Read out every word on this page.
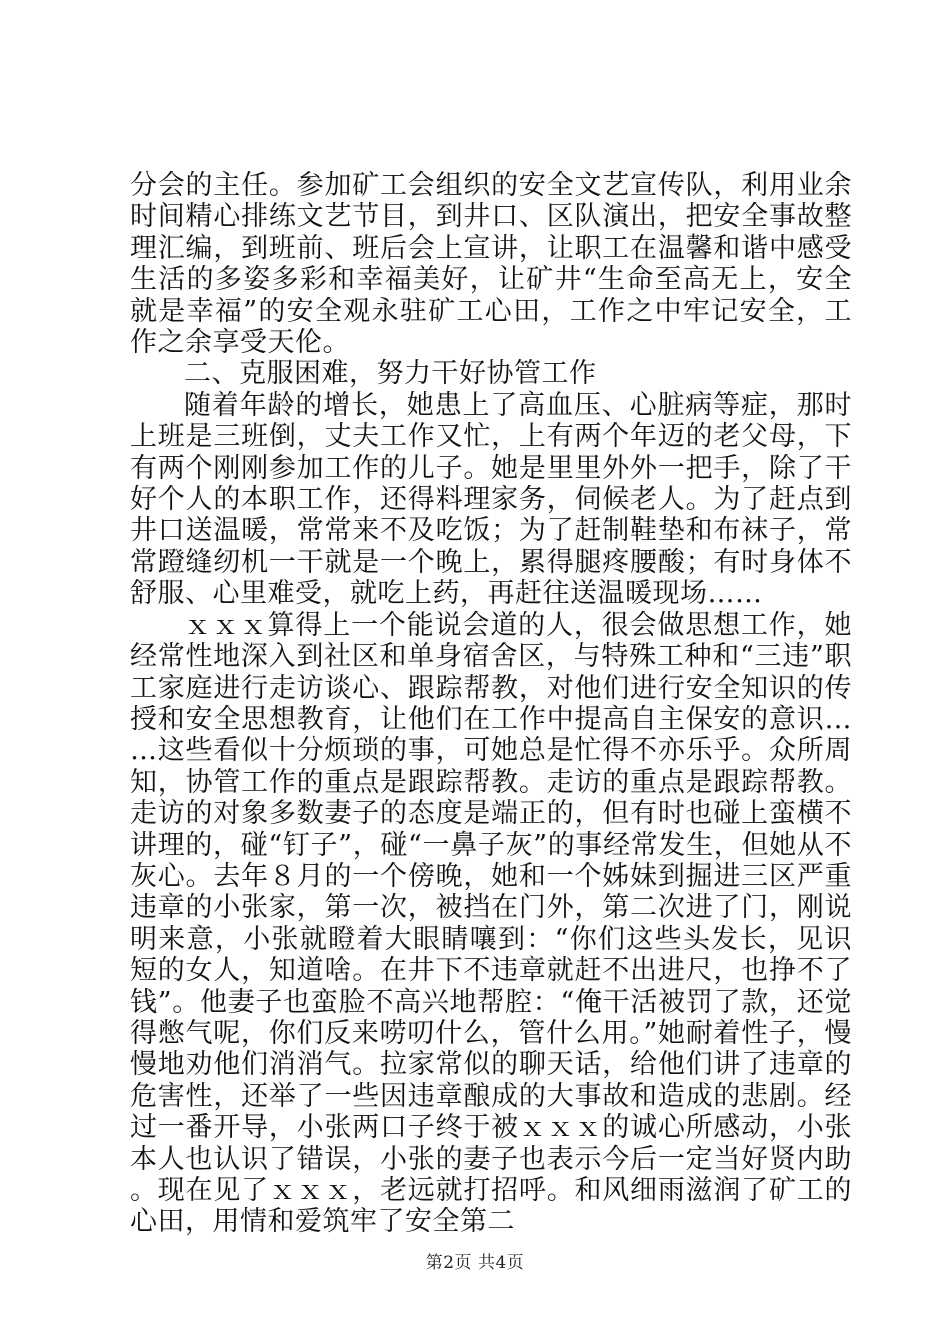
分会的主任。参加矿工会组织的安全文艺宣传队，利用业余时间精心排练文艺节目，到井口、区队演出，把安全事故整理汇编，到班前、班后会上宣讲，让职工在温馨和谐中感受生活的多姿多彩和幸福美好，让矿井“生命至高无上，安全就是幸福”的安全观永驻矿工心田，工作之中牢记安全，工作之余享受天伦。

二、克服困难，努力干好协管工作

随着年龄的增长，她患上了高血压、心脏病等症，那时上班是三班倒，丈夫工作又忙，上有两个年迈的老父母，下有两个刚刚参加工作的儿子。她是里里外外一把手，除了干好个人的本职工作，还得料理家务，伺候老人。为了赶点到井口送温暖，常常来不及吃饭；为了赶制鞋垫和布袜子，常常蹬缝纫机一干就是一个晚上，累得腿疼腰酸；有时身体不舒服、心里难受，就吃上药，再赶往送温暖现场……

ｘｘｘ算得上一个能说会道的人，很会做思想工作，她经常性地深入到社区和单身宿舍区，与特殊工种和“三违”职工家庭进行走访谈心、跟踪帮教，对他们进行安全知识的传授和安全思想教育，让他们在工作中提高自主保安的意识……这些看似十分烦琐的事，可她总是忙得不亦乐乎。众所周知，协管工作的重点是跟踪帮教。走访的重点是跟踪帮教。走访的对象多数妻子的态度是端正的，但有时也碰上蛮横不讲理的，碰“钉子”，碰“一鼻子灰”的事经常发生，但她从不灰心。去年８月的一个傍晚，她和一个姊妹到掘进三区严重违章的小张家，第一次，被挡在门外，第二次进了门，刚说明来意，小张就瞪着大眼睛嚷到：“你们这些头发长，见识短的女人，知道啥。在井下不违章就赶不出进尺，也挣不了钱”。他妻子也蛮脸不高兴地帮腔：“俺干活被罚了款，还觉得憋气呢，你们反来唠叨什么，管什么用。”她耐着性子，慢慢地劝他们消消气。拉家常似的聊天话，给他们讲了违章的危害性，还举了一些因违章酿成的大事故和造成的悲剧。经过一番开导，小张两口子终于被ｘｘｘ的诚心所感动，小张本人也认识了错误，小张的妻子也表示今后一定当好贤内助。现在见了ｘｘｘ，老远就打招呼。和风细雨滋润了矿工的心田，用情和爱筑牢了安全第二

第2页 共4页
